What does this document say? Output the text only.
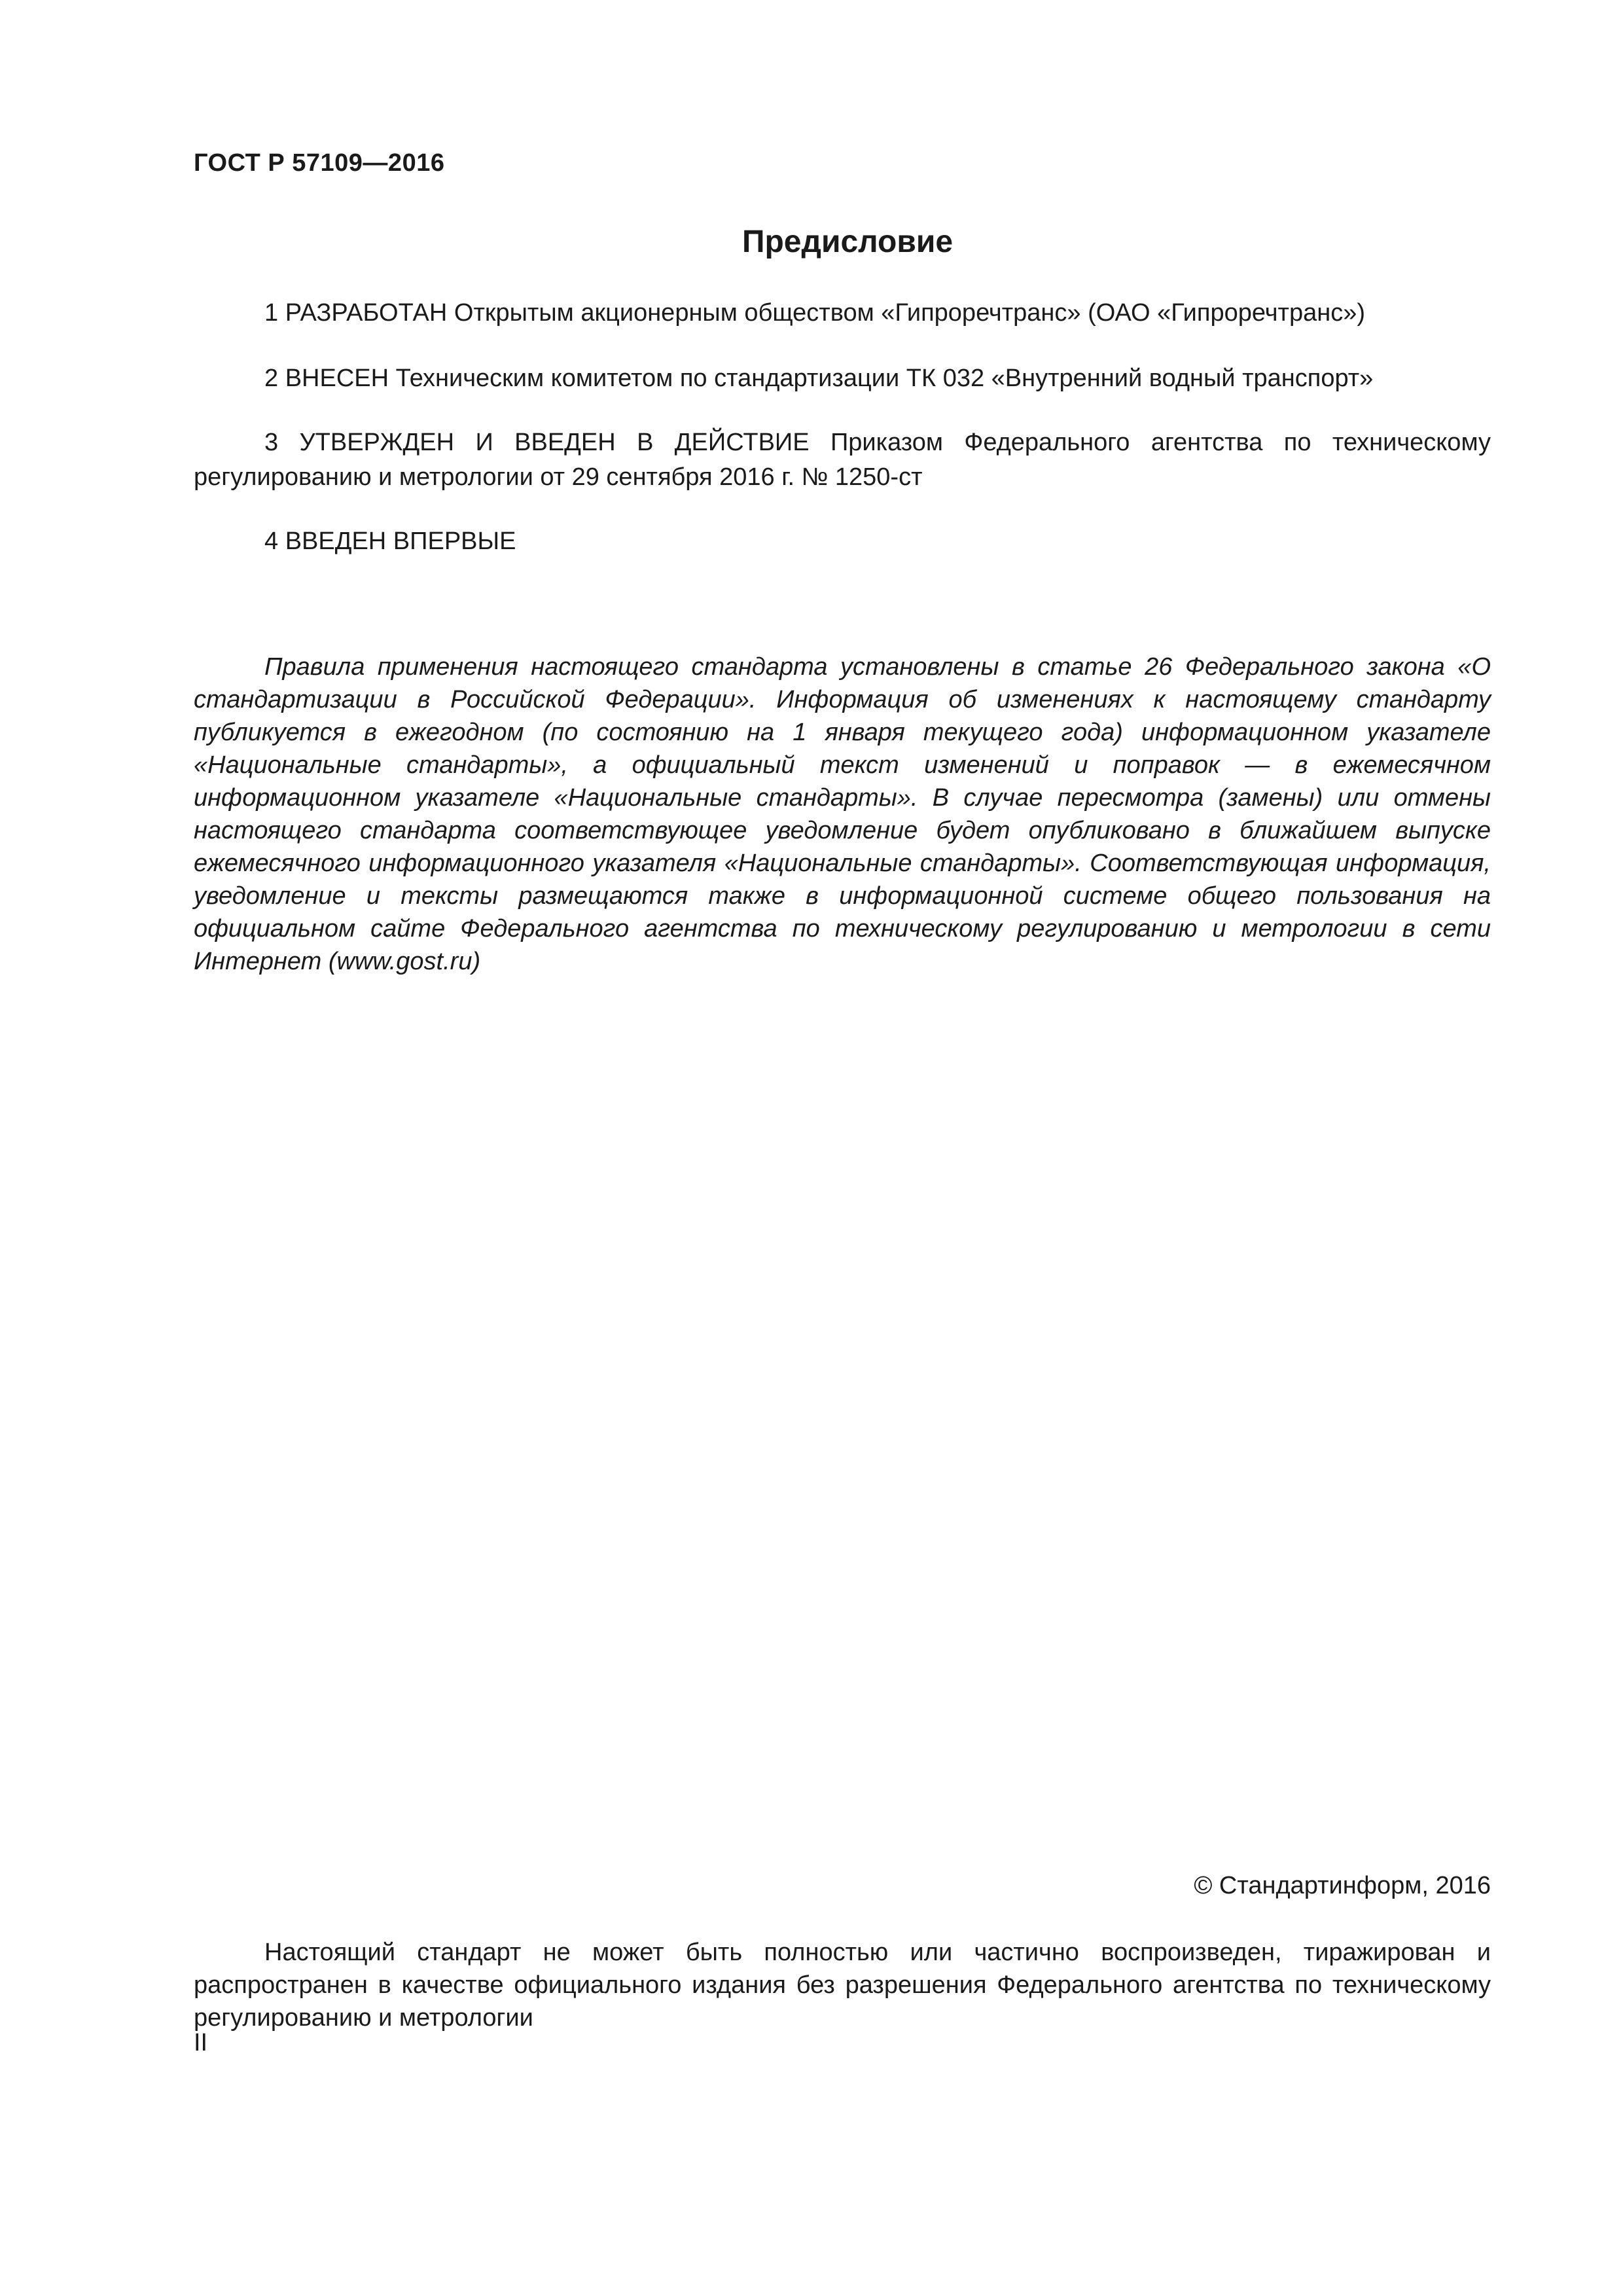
ГОСТ Р 57109—2016
Предисловие
1 РАЗРАБОТАН Открытым акционерным обществом «Гипроречтранс» (ОАО «Гипроречтранс»)
2 ВНЕСЕН Техническим комитетом по стандартизации ТК 032 «Внутренний водный транспорт»
3 УТВЕРЖДЕН И ВВЕДЕН В ДЕЙСТВИЕ Приказом Федерального агентства по техническому регулированию и метрологии от 29 сентября 2016 г. № 1250-ст
4 ВВЕДЕН ВПЕРВЫЕ
Правила применения настоящего стандарта установлены в статье 26 Федерального закона «О стандартизации в Российской Федерации». Информация об изменениях к настоящему стандарту публикуется в ежегодном (по состоянию на 1 января текущего года) информационном указателе «Национальные стандарты», а официальный текст изменений и поправок — в ежемесячном информационном указателе «Национальные стандарты». В случае пересмотра (замены) или отмены настоящего стандарта соответствующее уведомление будет опубликовано в ближайшем выпуске ежемесячного информационного указателя «Национальные стандарты». Соответствующая информация, уведомление и тексты размещаются также в информационной системе общего пользования на официальном сайте Федерального агентства по техническому регулированию и метрологии в сети Интернет (www.gost.ru)
© Стандартинформ, 2016
Настоящий стандарт не может быть полностью или частично воспроизведен, тиражирован и распространен в качестве официального издания без разрешения Федерального агентства по техническому регулированию и метрологии
II
